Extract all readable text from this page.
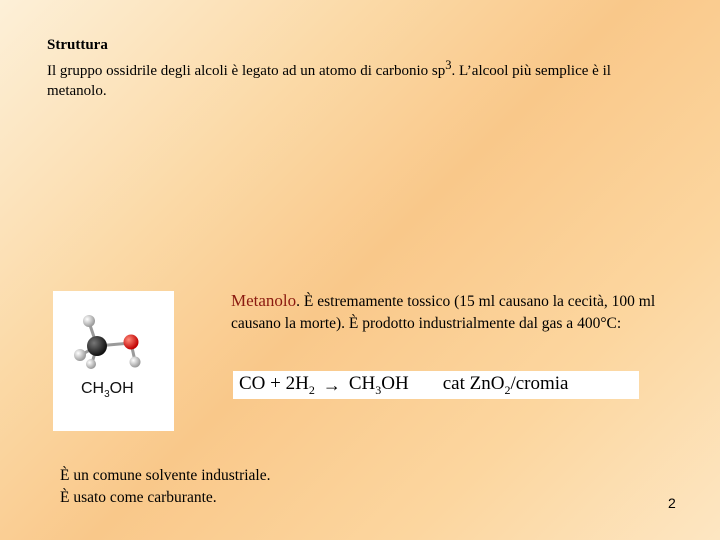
Struttura
Il gruppo ossidrile degli alcoli è legato ad un atomo di carbonio $sp^3$. L’alcool più semplice è il metanolo.
$CH_3OH$
Metanolo. È estremamente tossico (15 ml causano la cecità, 100 ml causano la morte). È prodotto industrialmente dal gas a 400°C:
CO + $2H_2 \to CH_3OH$ cat ZnO$_2$/cromia
È un comune solvente industriale.
È usato come carburante.	2
